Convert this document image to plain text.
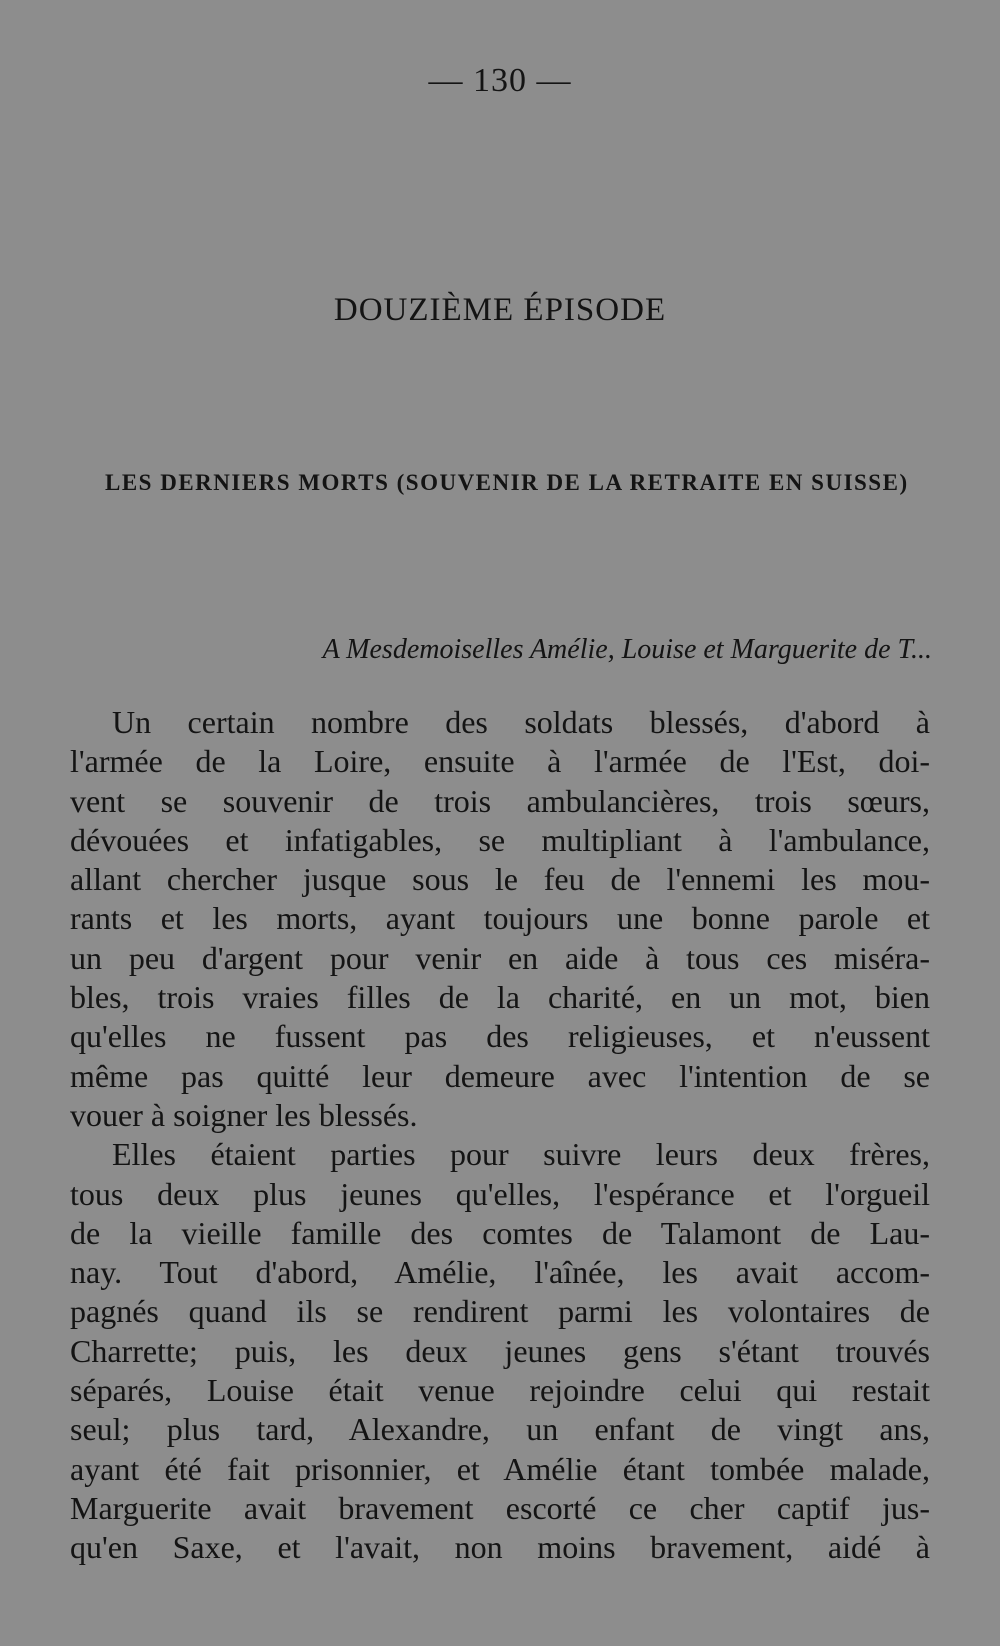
— 130 —
DOUZIÈME ÉPISODE
LES DERNIERS MORTS (SOUVENIR DE LA RETRAITE EN SUISSE)
A Mesdemoiselles Amélie, Louise et Marguerite de T...
Un certain nombre des soldats blessés, d'abord à
l'armée de la Loire, ensuite à l'armée de l'Est, doi-
vent se souvenir de trois ambulancières, trois sœurs,
dévouées et infatigables, se multipliant à l'ambulance,
allant chercher jusque sous le feu de l'ennemi les mou-
rants et les morts, ayant toujours une bonne parole et
un peu d'argent pour venir en aide à tous ces miséra-
bles, trois vraies filles de la charité, en un mot, bien
qu'elles ne fussent pas des religieuses, et n'eussent
même pas quitté leur demeure avec l'intention de se
vouer à soigner les blessés.
Elles étaient parties pour suivre leurs deux frères,
tous deux plus jeunes qu'elles, l'espérance et l'orgueil
de la vieille famille des comtes de Talamont de Lau-
nay. Tout d'abord, Amélie, l'aînée, les avait accom-
pagnés quand ils se rendirent parmi les volontaires de
Charrette; puis, les deux jeunes gens s'étant trouvés
séparés, Louise était venue rejoindre celui qui restait
seul; plus tard, Alexandre, un enfant de vingt ans,
ayant été fait prisonnier, et Amélie étant tombée malade,
Marguerite avait bravement escorté ce cher captif jus-
qu'en Saxe, et l'avait, non moins bravement, aidé à
